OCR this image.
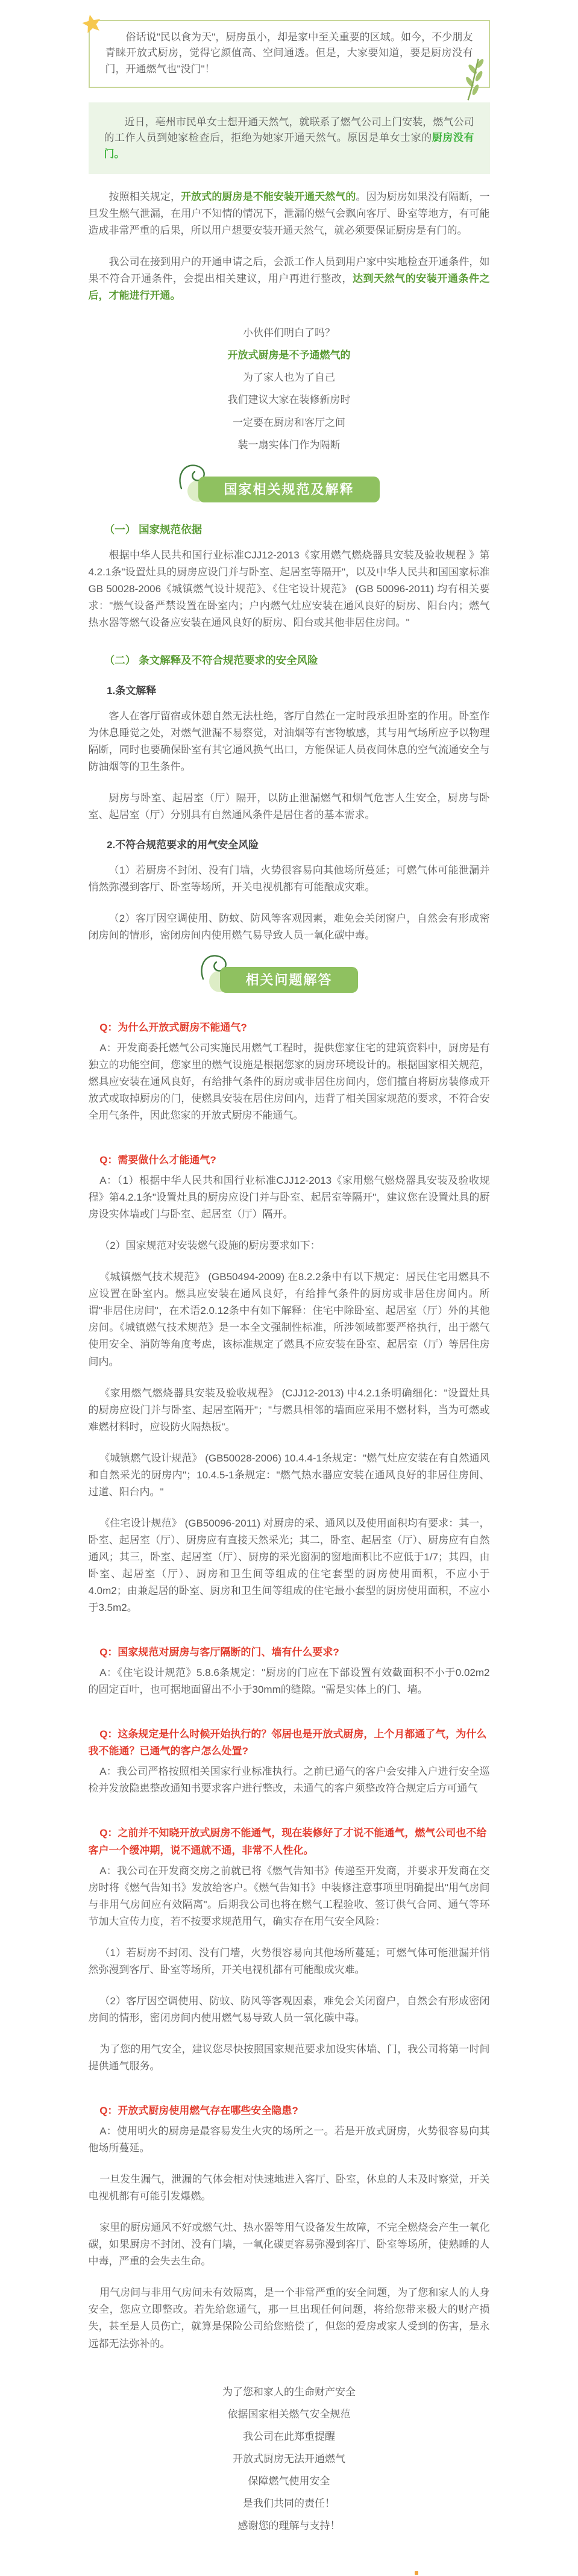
俗话说"民以食为天"，厨房虽小，却是家中至关重要的区域。如今，不少朋友青睐开放式厨房，觉得它颜值高、空间通透。但是，大家要知道，要是厨房没有门，开通燃气也"没门"！

近日，亳州市民单女士想开通天然气，就联系了燃气公司上门安装，燃气公司的工作人员到她家检查后，拒绝为她家开通天然气。原因是单女士家的厨房没有门。

按照相关规定，开放式的厨房是不能安装开通天然气的。因为厨房如果没有隔断，一旦发生燃气泄漏，在用户不知情的情况下，泄漏的燃气会飘向客厅、卧室等地方，有可能造成非常严重的后果，所以用户想要安装开通天然气，就必须要保证厨房是有门的。

我公司在接到用户的开通申请之后，会派工作人员到用户家中实地检查开通条件，如果不符合开通条件，会提出相关建议，用户再进行整改，达到天然气的安装开通条件之后，才能进行开通。

小伙伴们明白了吗？

开放式厨房是不予通燃气的

为了家人也为了自己

我们建议大家在装修新房时

一定要在厨房和客厅之间

装一扇实体门作为隔断

国家相关规范及解释

（一） 国家规范依据

根据中华人民共和国行业标准CJJ12-2013《家用燃气燃烧器具安装及验收规程 》第4.2.1条"设置灶具的厨房应设门并与卧室、起居室等隔开"，以及中华人民共和国国家标准GB 50028-2006《城镇燃气设计规范》、《住宅设计规范》 (GB 50096-2011) 均有相关要求："燃气设备严禁设置在卧室内；户内燃气灶应安装在通风良好的厨房、阳台内；燃气热水器等燃气设备应安装在通风良好的厨房、阳台或其他非居住房间。"

（二） 条文解释及不符合规范要求的安全风险

1.条文解释

客人在客厅留宿或休憩自然无法杜绝，客厅自然在一定时段承担卧室的作用。卧室作为休息睡觉之处，对燃气泄漏不易察觉，对油烟等有害物敏感，其与用气场所应予以物理隔断，同时也要确保卧室有其它通风换气出口，方能保证人员夜间休息的空气流通安全与防油烟等的卫生条件。

厨房与卧室、起居室（厅）隔开，以防止泄漏燃气和烟气危害人生安全，厨房与卧室、起居室（厅）分别具有自然通风条件是居住者的基本需求。

2.不符合规范要求的用气安全风险

（1）若厨房不封闭、没有门墙，火势很容易向其他场所蔓延；可燃气体可能泄漏并悄然弥漫到客厅、卧室等场所，开关电视机都有可能酿成灾难。

（2）客厅因空调使用、防蚊、防风等客观因素，难免会关闭窗户，自然会有形成密闭房间的情形，密闭房间内使用燃气易导致人员一氧化碳中毒。

相关问题解答

Q：为什么开放式厨房不能通气?

A：开发商委托燃气公司实施民用燃气工程时，提供您家住宅的建筑资料中，厨房是有独立的功能空间，您家里的燃气设施是根据您家的厨房环境设计的。根据国家相关规范，燃具应安装在通风良好，有给排气条件的厨房或非居住房间内，您们擅自将厨房装修成开放式或取掉厨房的门，使燃具安装在居住房间内，违背了相关国家规范的要求，不符合安全用气条件，因此您家的开放式厨房不能通气。

Q：需要做什么才能通气?

A：（1）根据中华人民共和国行业标准CJJ12-2013《家用燃气燃烧器具安装及验收规程》第4.2.1条"设置灶具的厨房应设门并与卧室、起居室等隔开"，建议您在设置灶具的厨房设实体墙或门与卧室、起居室（厅）隔开。

（2）国家规范对安装燃气设施的厨房要求如下：

《城镇燃气技术规范》 (GB50494-2009) 在8.2.2条中有以下规定：居民住宅用燃具不应设置在卧室内。燃具应安装在通风良好，有给排气条件的厨房或非居住房间内。所谓"非居住房间"，在术语2.0.12条中有如下解释：住宅中除卧室、起居室（厅）外的其他房间。《城镇燃气技术规范》是一本全文强制性标准，所涉领域都要严格执行，出于燃气使用安全、消防等角度考虑，该标准规定了燃具不应安装在卧室、起居室（厅）等居住房间内。

《家用燃气燃烧器具安装及验收规程》 (CJJ12-2013) 中4.2.1条明确细化："设置灶具的厨房应设门并与卧室、起居室隔开"；"与燃具相邻的墙面应采用不燃材料，当为可燃或难燃材料时，应设防火隔热板"。

《城镇燃气设计规范》 (GB50028-2006) 10.4.4-1条规定："燃气灶应安装在有自然通风和自然采光的厨房内"；10.4.5-1条规定："燃气热水器应安装在通风良好的非居住房间、过道、阳台内。"

《住宅设计规范》 (GB50096-2011) 对厨房的采、通风以及使用面积均有要求：其一，卧室、起居室（厅）、厨房应有直接天然采光；其二，卧室、起居室（厅）、厨房应有自然通风；其三，卧室、起居室（厅）、厨房的采光窗洞的窗地面积比不应低于1/7；其四，由卧室、起居室（厅）、厨房和卫生间等组成的住宅套型的厨房使用面积，不应小于4.0m2；由兼起居的卧室、厨房和卫生间等组成的住宅最小套型的厨房使用面积，不应小于3.5m2。

Q：国家规范对厨房与客厅隔断的门、墙有什么要求?

A：《住宅设计规范》5.8.6条规定："厨房的门应在下部设置有效截面积不小于0.02m2的固定百叶，也可据地面留出不小于30mm的缝隙。"需是实体上的门、墙。

Q：这条规定是什么时候开始执行的？邻居也是开放式厨房，上个月都通了气，为什么我不能通？已通气的客户怎么处置?

A：我公司严格按照相关国家行业标准执行。之前已通气的客户会安排入户进行安全巡检并发放隐患整改通知书要求客户进行整改，未通气的客户须整改符合规定后方可通气

Q：之前并不知晓开放式厨房不能通气，现在装修好了才说不能通气，燃气公司也不给客户一个缓冲期，说不通就不通，非常不人性化。

A：我公司在开发商交房之前就已将《燃气告知书》传递至开发商，并要求开发商在交房时将《燃气告知书》发放给客户。《燃气告知书》中装修注意事项里明确提出"用气房间与非用气房间应有效隔离"。后期我公司也将在燃气工程验收、签订供气合同、通气等环节加大宣传力度，若不按要求规范用气，确实存在用气安全风险：

（1）若厨房不封闭、没有门墙，火势很容易向其他场所蔓延；可燃气体可能泄漏并悄然弥漫到客厅、卧室等场所，开关电视机都有可能酿成灾难。

（2）客厅因空调使用、防蚊、防风等客观因素，难免会关闭窗户，自然会有形成密闭房间的情形，密闭房间内使用燃气易导致人员一氧化碳中毒。

为了您的用气安全，建议您尽快按照国家规范要求加设实体墙、门，我公司将第一时间提供通气服务。

Q：开放式厨房使用燃气存在哪些安全隐患?

A：使用明火的厨房是最容易发生火灾的场所之一。若是开放式厨房，火势很容易向其他场所蔓延。

一旦发生漏气，泄漏的气体会相对快速地进入客厅、卧室，休息的人未及时察觉，开关电视机都有可能引发爆燃。

家里的厨房通风不好或燃气灶、热水器等用气设备发生故障，不完全燃烧会产生一氧化碳，如果厨房不封闭、没有门墙，一氧化碳更容易弥漫到客厅、卧室等场所，使熟睡的人中毒，严重的会失去生命。

用气房间与非用气房间未有效隔离，是一个非常严重的安全问题，为了您和家人的人身安全，您应立即整改。若先给您通气，那一旦出现任何问题，将给您带来极大的财产损失，甚至是人员伤亡，就算是保险公司给您赔偿了，但您的爱房或家人受到的伤害，是永远都无法弥补的。

为了您和家人的生命财产安全

依据国家相关燃气安全规范

我公司在此郑重提醒

开放式厨房无法开通燃气

保障燃气使用安全

是我们共同的责任！

感谢您的理解与支持！
